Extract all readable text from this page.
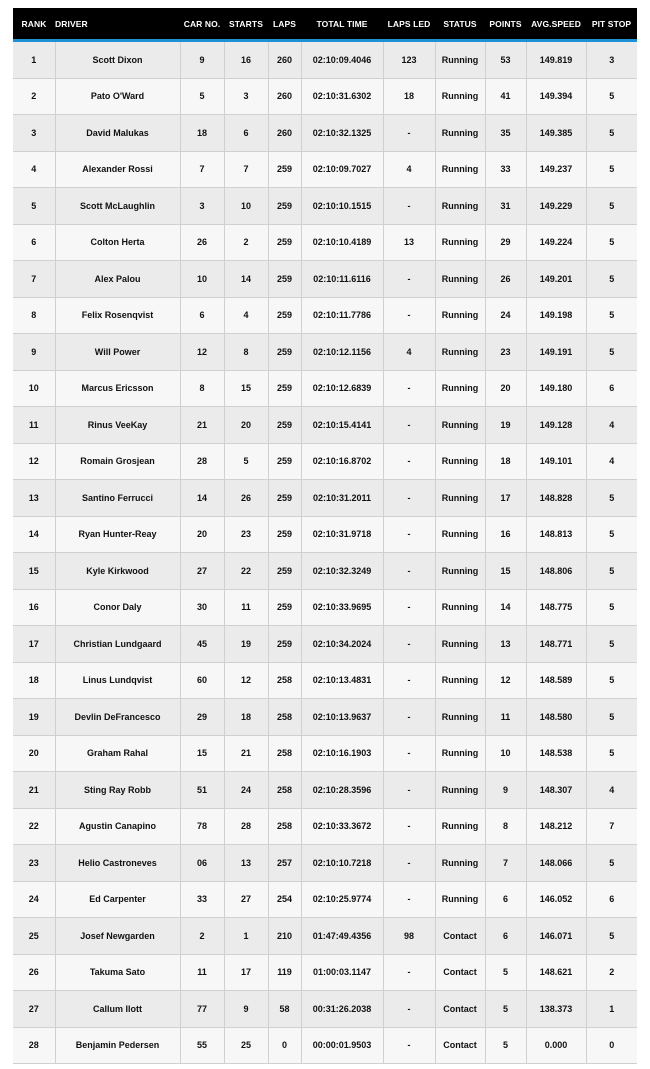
RANK	DRIVER	CAR NO.	STARTS	LAPS	TOTAL TIME	LAPS LED	STATUS	POINTS	AVG.SPEED	PIT STOP
1	Scott Dixon	9	16	260	02:10:09.4046	123	Running	53	149.819	3
2	Pato O'Ward	5	3	260	02:10:31.6302	18	Running	41	149.394	5
3	David Malukas	18	6	260	02:10:32.1325	-	Running	35	149.385	5
4	Alexander Rossi	7	7	259	02:10:09.7027	4	Running	33	149.237	5
5	Scott McLaughlin	3	10	259	02:10:10.1515	-	Running	31	149.229	5
6	Colton Herta	26	2	259	02:10:10.4189	13	Running	29	149.224	5
7	Alex Palou	10	14	259	02:10:11.6116	-	Running	26	149.201	5
8	Felix Rosenqvist	6	4	259	02:10:11.7786	-	Running	24	149.198	5
9	Will Power	12	8	259	02:10:12.1156	4	Running	23	149.191	5
10	Marcus Ericsson	8	15	259	02:10:12.6839	-	Running	20	149.180	6
11	Rinus VeeKay	21	20	259	02:10:15.4141	-	Running	19	149.128	4
12	Romain Grosjean	28	5	259	02:10:16.8702	-	Running	18	149.101	4
13	Santino Ferrucci	14	26	259	02:10:31.2011	-	Running	17	148.828	5
14	Ryan Hunter-Reay	20	23	259	02:10:31.9718	-	Running	16	148.813	5
15	Kyle Kirkwood	27	22	259	02:10:32.3249	-	Running	15	148.806	5
16	Conor Daly	30	11	259	02:10:33.9695	-	Running	14	148.775	5
17	Christian Lundgaard	45	19	259	02:10:34.2024	-	Running	13	148.771	5
18	Linus Lundqvist	60	12	258	02:10:13.4831	-	Running	12	148.589	5
19	Devlin DeFrancesco	29	18	258	02:10:13.9637	-	Running	11	148.580	5
20	Graham Rahal	15	21	258	02:10:16.1903	-	Running	10	148.538	5
21	Sting Ray Robb	51	24	258	02:10:28.3596	-	Running	9	148.307	4
22	Agustin Canapino	78	28	258	02:10:33.3672	-	Running	8	148.212	7
23	Helio Castroneves	06	13	257	02:10:10.7218	-	Running	7	148.066	5
24	Ed Carpenter	33	27	254	02:10:25.9774	-	Running	6	146.052	6
25	Josef Newgarden	2	1	210	01:47:49.4356	98	Contact	6	146.071	5
26	Takuma Sato	11	17	119	01:00:03.1147	-	Contact	5	148.621	2
27	Callum Ilott	77	9	58	00:31:26.2038	-	Contact	5	138.373	1
28	Benjamin Pedersen	55	25	0	00:00:01.9503	-	Contact	5	0.000	0
